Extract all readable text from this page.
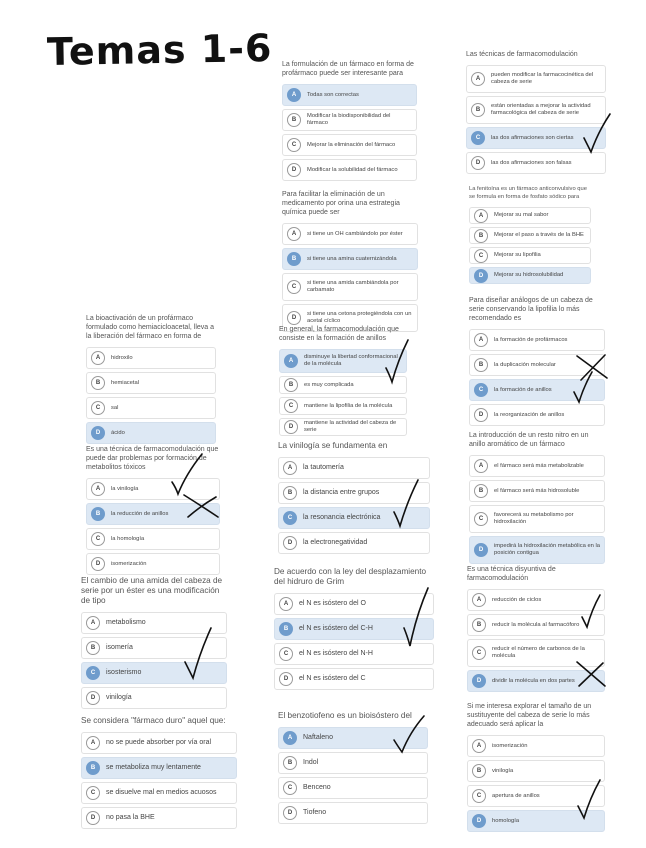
Temas 1-6 La formulación de un fármaco en forma de profármaco puede ser interesante para
A	Todas son correctas
B
Modificar la biodisponibilidad del fármaco
C	Mejorar la eliminación del fármaco
D	Modificar la solubilidad del fármaco
Las técnicas de farmacomodulación
A
pueden modificar la farmacocinética del cabeza de serie
B
están orientadas a mejorar la actividad farmacológica del cabeza de serie
C	las dos afirmaciones son ciertas
D	las dos afirmaciones son falsas
Para facilitar la eliminación de un medicamento por orina una estrategia química puede ser
A	si tiene un OH cambiándolo por éster
B	si tiene una amina cuaternizándola
C
si tiene una amida cambiándola por carbamato
D
si tiene una cetona protegiéndola con un acetal cíclico
La fenitoína es un fármaco anticonvulsivo que se formula en forma de fosfato sódico para
A	Mejorar su mal sabor
B	Mejorar el paso a través de la BHE
C	Mejorar su lipofilia
D	Mejorar su hidrosolubilidad
La bioactivación de un profármaco formulado como hemiacicloacetal, lleva a la liberación del fármaco en forma de
A	hidroxilo
B	hemiacetal
C	sal
D	ácido
En general, la farmacomodulación que consiste en la formación de anillos
A
disminuye la libertad conformacional de la molécula
B	es muy complicada
C	mantiene la lipofilia de la molécula
D
mantiene la actividad del cabeza de serie
Para diseñar análogos de un cabeza de serie conservando la lipofilia lo más recomendado es
A	la formación de profármacos
B	la duplicación molecular
C	la formación de anillos
D	la reorganización de anillos
Es una técnica de farmacomodulación que puede dar problemas por formación de metabolitos tóxicos
A	la vinilogía
B	la reducción de anillos
C	la homología
D	isomerización
La vinilogía se fundamenta en
A	la tautomería
B	la distancia entre grupos
C	la resonancia electrónica
D	la electronegatividad
La introducción de un resto nitro en un anillo aromático de un fármaco
A	el fármaco será más metabolizable
B	el fármaco será más hidrosoluble
C
favorecerá su metabolismo por hidroxilación
D
impedirá la hidroxilación metabólica en la posición contigua
El cambio de una amida del cabeza de serie por un éster es una modificación de tipo
A	metabolismo
B	isomería
C	isosterismo
D	vinilogía
De acuerdo con la ley del desplazamiento del hidruro de Grim
A	el N es isóstero del O
B	el N es isóstero del C-H
C	el N es isóstero del N-H
D	el N es isóstero del C
Es una técnica disyuntiva de farmacomodulación
A	reducción de ciclos
B	reducir la molécula al farmacóforo
C
reducir el número de carbonos de la molécula
D	dividir la molécula en dos partes
Se considera "fármaco duro" aquel que:
A	no se puede absorber por vía oral
B	se metaboliza muy lentamente
C	se disuelve mal en medios acuosos
D	no pasa la BHE
El benzotiofeno es un bioisóstero del
A	Naftaleno
B	Indol
C	Benceno
D	Tiofeno
Si me interesa explorar el tamaño de un sustituyente del cabeza de serie lo más adecuado será aplicar la
A	isomerización
B	vinilogía
C	apertura de anillos
D	homología
